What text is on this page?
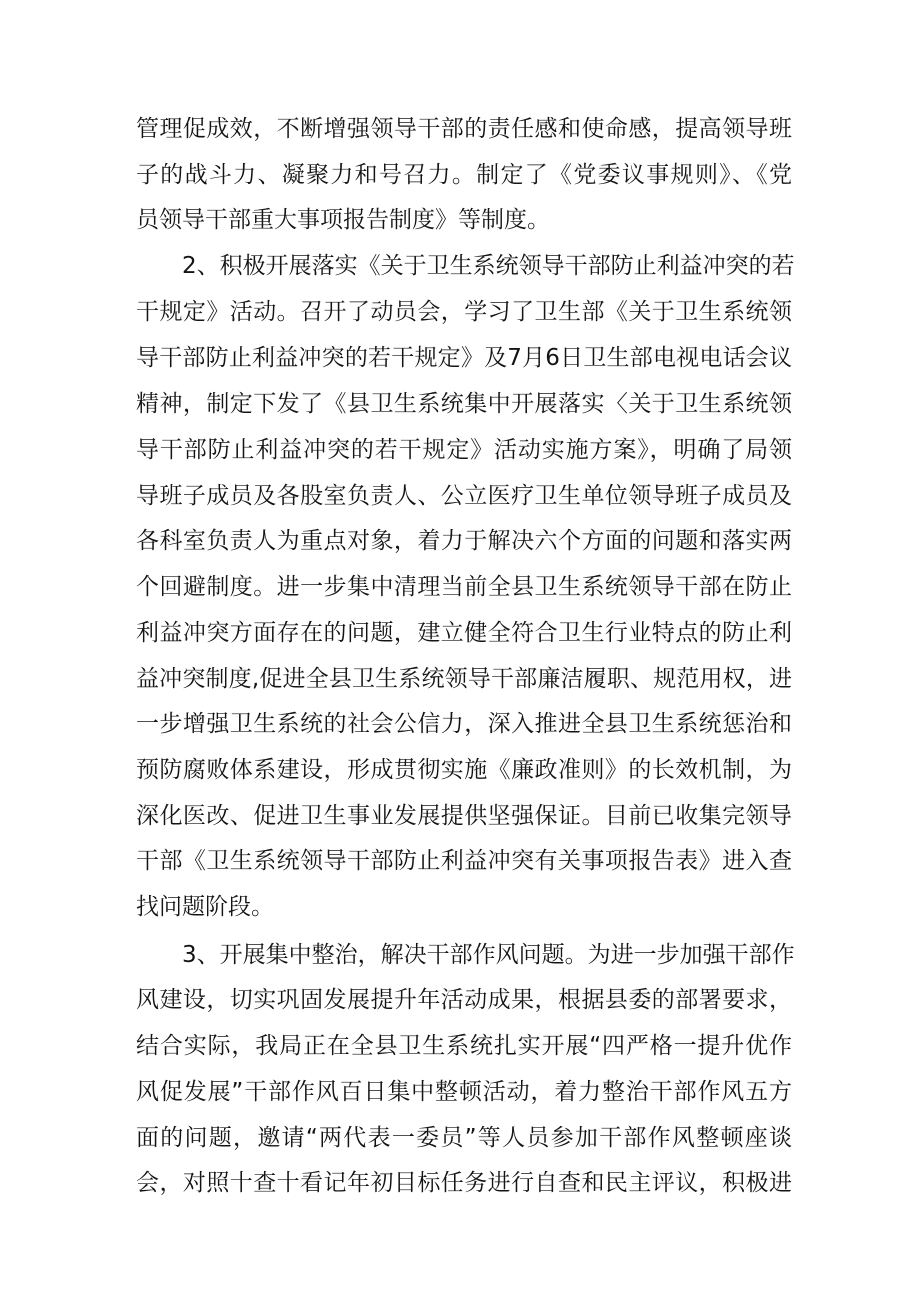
管理促成效，不断增强领导干部的责任感和使命感，提高领导班
子的战斗力、凝聚力和号召力。制定了《党委议事规则》、《党
员领导干部重大事项报告制度》等制度。
2、积极开展落实《关于卫生系统领导干部防止利益冲突的若
干规定》活动。召开了动员会，学习了卫生部《关于卫生系统领
导干部防止利益冲突的若干规定》及7月6日卫生部电视电话会议
精神，制定下发了《县卫生系统集中开展落实〈关于卫生系统领
导干部防止利益冲突的若干规定》活动实施方案》，明确了局领
导班子成员及各股室负责人、公立医疗卫生单位领导班子成员及
各科室负责人为重点对象，着力于解决六个方面的问题和落实两
个回避制度。进一步集中清理当前全县卫生系统领导干部在防止
利益冲突方面存在的问题，建立健全符合卫生行业特点的防止利
益冲突制度,促进全县卫生系统领导干部廉洁履职、规范用权，进
一步增强卫生系统的社会公信力，深入推进全县卫生系统惩治和
预防腐败体系建设，形成贯彻实施《廉政准则》的长效机制，为
深化医改、促进卫生事业发展提供坚强保证。目前已收集完领导
干部《卫生系统领导干部防止利益冲突有关事项报告表》进入查
找问题阶段。
3、开展集中整治，解决干部作风问题。为进一步加强干部作
风建设，切实巩固发展提升年活动成果，根据县委的部署要求，
结合实际，我局正在全县卫生系统扎实开展“四严格一提升优作
风促发展”干部作风百日集中整顿活动，着力整治干部作风五方
面的问题，邀请“两代表一委员”等人员参加干部作风整顿座谈
会，对照十查十看记年初目标任务进行自查和民主评议，积极进
